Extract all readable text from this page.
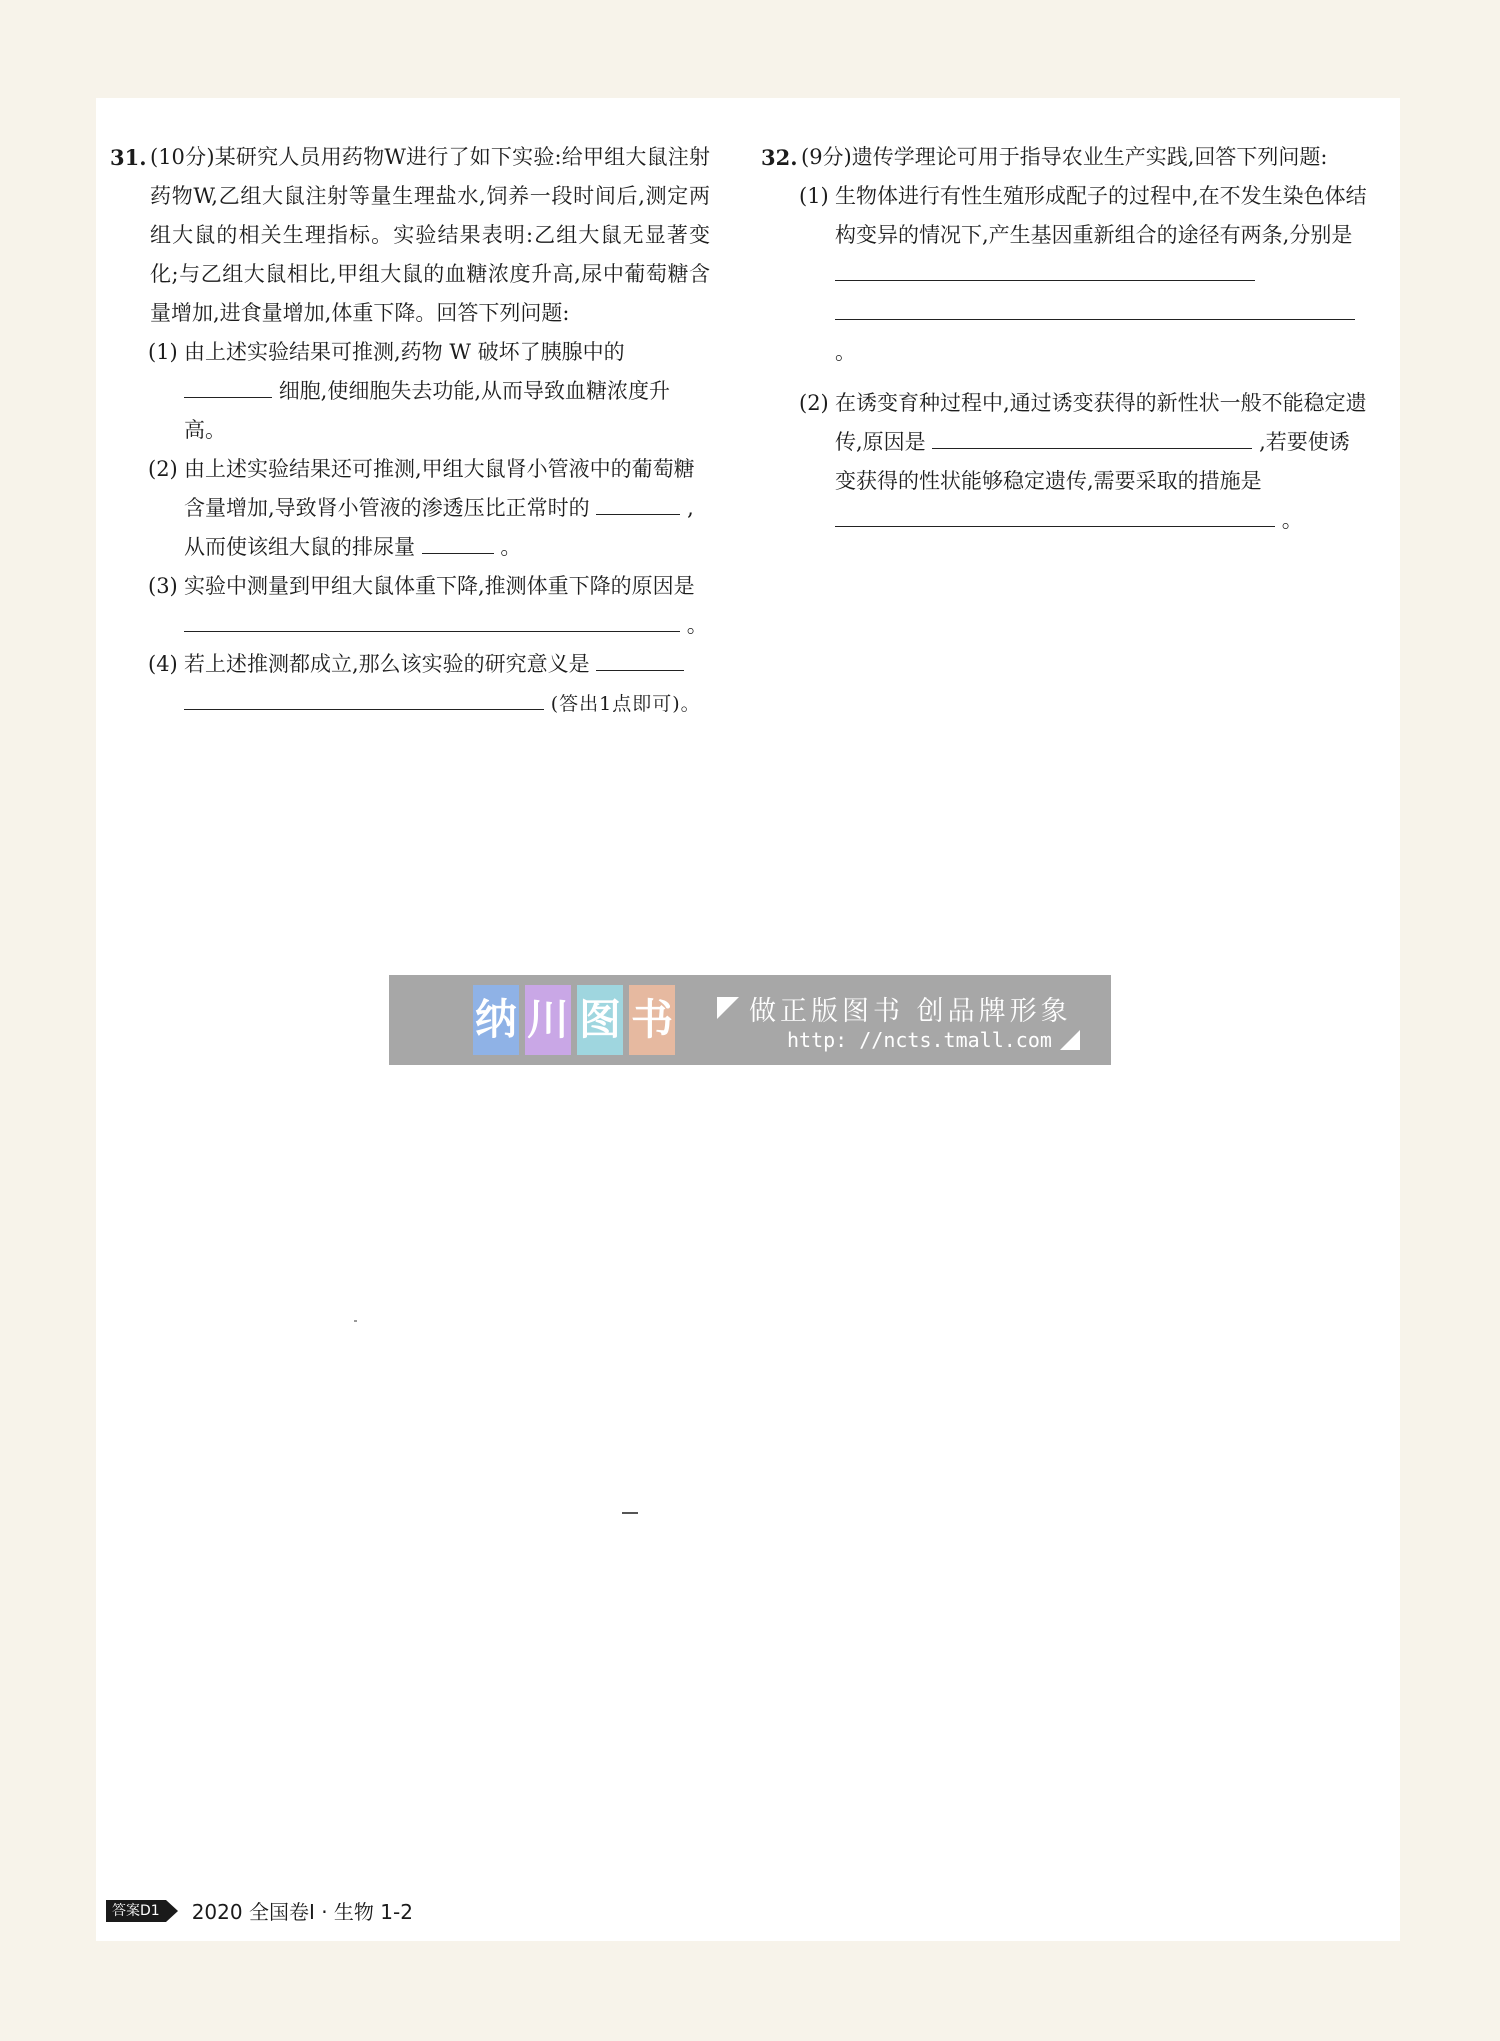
31. (10分)某研究人员用药物W进行了如下实验:给甲组大鼠注射药物W,乙组大鼠注射等量生理盐水,饲养一段时间后,测定两组大鼠的相关生理指标。实验结果表明:乙组大鼠无显著变化;与乙组大鼠相比,甲组大鼠的血糖浓度升高,尿中葡萄糖含量增加,进食量增加,体重下降。回答下列问题:

(1) 由上述实验结果可推测,药物 W 破坏了胰腺中的  细胞,使细胞失去功能,从而导致血糖浓度升高。
(2) 由上述实验结果还可推测,甲组大鼠肾小管液中的葡萄糖含量增加,导致肾小管液的渗透压比正常时的	,从而使该组大鼠的排尿量	。
(3) 实验中测量到甲组大鼠体重下降,推测体重下降的原因是  。
(4) 若上述推测都成立,那么该实验的研究意义是   (答出1点即可)。
32. (9分)遗传学理论可用于指导农业生产实践,回答下列问题:

(1) 生物体进行有性生殖形成配子的过程中,在不发生染色体结构变异的情况下,产生基因重新组合的途径有两条,分别是   。
(2) 在诱变育种过程中,通过诱变获得的新性状一般不能稳定遗传,原因是	,若要使诱变获得的性状能够稳定遗传,需要采取的措施是  。
纳 川 图 书	做正版图书 创品牌形象
http: //ncts.tmall.com
答案D1	2020 全国卷Ⅰ · 生物 1-2
